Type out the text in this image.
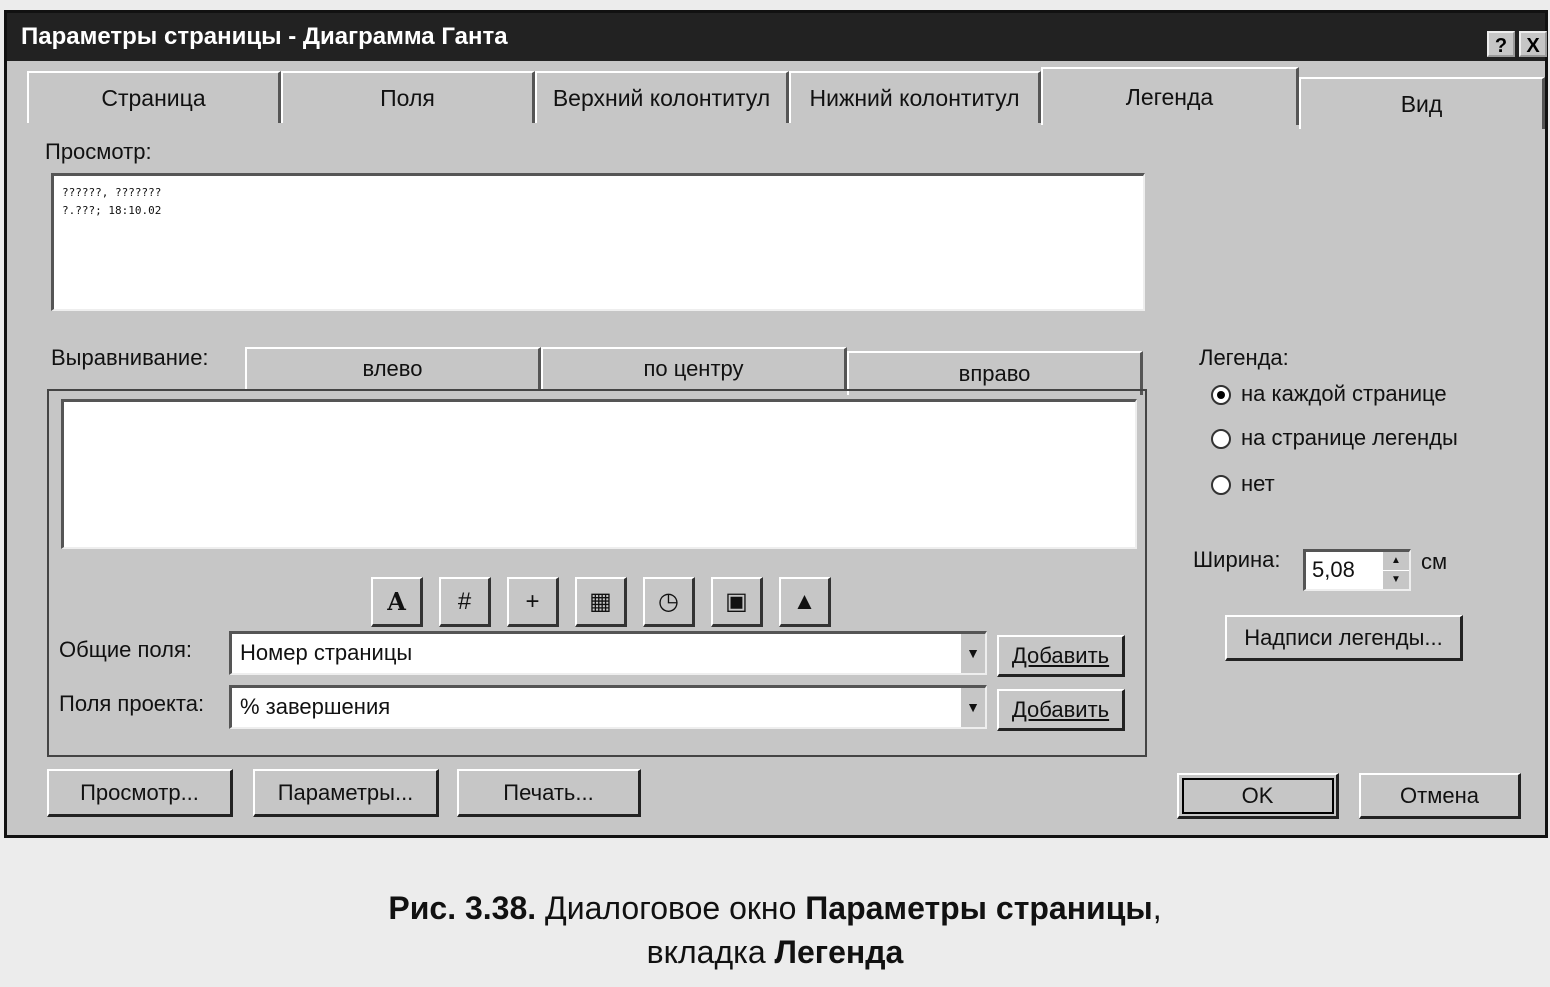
Параметры страницы - Диаграмма Ганта	? X
Страница	Поля	Верхний колонтитул	Нижний колонтитул	Легенда	Вид
Просмотр:
??????, ???????
?.???; 18:10.02
Выравнивание:	влево	по центру	вправо
A	#	+	▦	◷	▣	▲
Общие поля:	Номер страницы	▼	Добавить
Поля проекта:	% завершения	▼	Добавить
Легенда:
на каждой странице
на странице легенды
нет
Ширина:	5,08	▲
▼
см
Надписи легенды...
Просмотр...	Параметры...	Печать...	OK	Отмена
Рис. 3.38. Диалоговое окно Параметры страницы,
вкладка Легенда
